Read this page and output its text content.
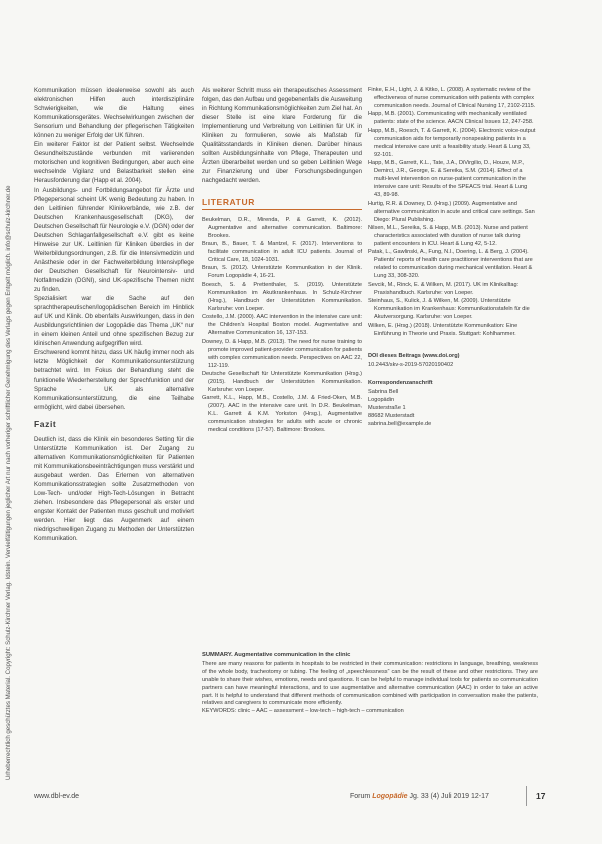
Urheberrechtlich geschütztes Material. Copyright: Schulz-Kirchner Verlag. Idstein. Vervielfältigungen jeglicher Art nur nach vorheriger schriftlicher Genehmigung des Verlags gegen Entgelt möglich. info@schulz-kirchner.de

Kommunikation müssen idealerweise sowohl als auch elektronischen Hilfen auch interdisziplinäre Schwierigkeiten, wie die Haltung eines Kommunikationsgerätes. Wechselwirkungen zwischen der Sensorium und Behandlung der pflegerischen Tätigkeiten können zu weniger Erfolg der UK führen.

Ein weiterer Faktor ist der Patient selbst. Wechselnde Gesundheitszustände verbunden mit variierenden motorischen und kognitiven Bedingungen, aber auch eine wechselnde Vigilanz und Belastbarkeit stellen eine Herausforderung dar (Happ et al. 2004).

In Ausbildungs- und Fortbildungsangebot für Ärzte und Pflegepersonal scheint UK wenig Bedeutung zu haben. In den Leitlinien führender Klinikverbände, wie z.B. der Deutschen Krankenhausgesellschaft (DKG), der Deutschen Gesellschaft für Neurologie e.V. (DGN) oder der Deutschen Schlaganfallgesellschaft e.V. gibt es keine Hinweise zur UK. Leitlinien für Kliniken überdies in der Weiterbildungsordnungen, z.B. für die Intensivmedizin und Anästhesie oder in der Fachweiterbildung Intensivpflege der Deutschen Gesellschaft für Neurointensiv- und Notfallmedizin (DGNI), sind UK-spezifische Themen nicht zu finden.

Spezialisiert war die Sache auf den sprachtherapeutischen/logopädischen Bereich im Hinblick auf UK und Klinik. Ob ebenfalls Auswirkungen, dass in den Ausbildungsrichtlinien der Logopädie das Thema „UK“ nur in einem kleinen Anteil und ohne spezifischen Bezug zur klinischen Anwendung aufgegriffen wird.

Erschwerend kommt hinzu, dass UK häufig immer noch als letzte Möglichkeit der Kommunikationsunterstützung betrachtet wird. Im Fokus der Behandlung steht die funktionelle Wiederherstellung der Sprechfunktion und der Sprache - UK als alternative Kommunikationsunterstützung, die eine Teilhabe ermöglicht, wird dabei übersehen.

Fazit

Deutlich ist, dass die Klinik ein besonderes Setting für die Unterstützte Kommunikation ist. Der Zugang zu alternativen Kommunikationsmöglichkeiten für Patienten mit Kommunikationsbeeinträchtigungen muss verstärkt und ausgebaut werden. Das Erlernen von alternativen Kommunikationsstrategien sollte Zusatzmethoden von Low-Tech- und/oder High-Tech-Lösungen in Betracht ziehen. Insbesondere das Pflegepersonal als erster und engster Kontakt der Patienten muss geschult und motiviert werden. Hier liegt das Augenmerk auf einem niedrigschwelligen Zugang zu Methoden der Unterstützten Kommunikation.

Als weiterer Schritt muss ein therapeutisches Assessment folgen, das den Aufbau und gegebenenfalls die Ausweitung in Richtung Kommunikationsmöglichkeiten zum Ziel hat. An dieser Stelle ist eine klare Forderung für die Implementierung und Verbreitung von Leitlinien für UK in Kliniken zu formulieren, sowie als Maßstab für Qualitätsstandards in Kliniken dienen. Darüber hinaus sollten Ausbildungsinhalte von Pflege, Therapeuten und Ärzten überarbeitet werden und so geben Leitlinien Wege zur Finanzierung und über Forschungsbedingungen nachgedacht werden.

LITERATUR
Beukelman, D.R., Mirenda, P. & Garrett, K. (2012). Augmentative and alternative communication. Baltimore: Brookes.
Braun, B., Bauer, T. & Mantzel, F. (2017). Interventions to facilitate communication in adult ICU patients. Journal of Critical Care, 18, 1024-1031.
Braun, S. (2012). Unterstützte Kommunikation in der Klinik. Forum Logopädie 4, 16-21.
Boesch, S. & Prettenthaler, S. (2019). Unterstützte Kommunikation im Akutkrankenhaus. In Schulz-Kirchner (Hrsg.), Handbuch der Unterstützten Kommunikation. Karlsruhe: von Loeper.
Costello, J.M. (2000). AAC intervention in the intensive care unit: the Children's Hospital Boston model. Augmentative and Alternative Communication 16, 137-153.
Downey, D. & Happ, M.B. (2013). The need for nurse training to promote improved patient-provider communication for patients with complex communication needs. Perspectives on AAC 22, 112-119.
Deutsche Gesellschaft für Unterstützte Kommunikation (Hrsg.) (2015). Handbuch der Unterstützten Kommunikation. Karlsruhe: von Loeper.
Garrett, K.L., Happ, M.B., Costello, J.M. & Fried-Oken, M.B. (2007). AAC in the intensive care unit. In D.R. Beukelman, K.L. Garrett & K.M. Yorkston (Hrsg.), Augmentative communication strategies for adults with acute or chronic medical conditions (17-57). Baltimore: Brookes.
Finke, E.H., Light, J. & Kitko, L. (2008). A systematic review of the effectiveness of nurse communication with patients with complex communication needs. Journal of Clinical Nursing 17, 2102-2115.
Happ, M.B. (2001). Communicating with mechanically ventilated patients: state of the science. AACN Clinical Issues 12, 247-258.
Happ, M.B., Roesch, T. & Garrett, K. (2004). Electronic voice-output communication aids for temporarily nonspeaking patients in a medical intensive care unit: a feasibility study. Heart & Lung 33, 92-101.
Happ, M.B., Garrett, K.L., Tate, J.A., DiVirgilio, D., Houze, M.P., Demirci, J.R., George, E. & Sereika, S.M. (2014). Effect of a multi-level intervention on nurse-patient communication in the intensive care unit: Results of the SPEACS trial. Heart & Lung 43, 89-98.
Hurtig, R.R. & Downey, D. (Hrsg.) (2009). Augmentative and alternative communication in acute and critical care settings. San Diego: Plural Publishing.
Nilsen, M.L., Sereika, S. & Happ, M.B. (2013). Nurse and patient characteristics associated with duration of nurse talk during patient encounters in ICU. Heart & Lung 42, 5-12.
Patak, L., Gawlinski, A., Fung, N.I., Doering, L. & Berg, J. (2004). Patients' reports of health care practitioner interventions that are related to communication during mechanical ventilation. Heart & Lung 33, 308-320.
Sevcik, M., Rinck, E. & Wilken, M. (2017). UK im Klinikalltag: Praxishandbuch. Karlsruhe: von Loeper.
Steinhaus, S., Kulick, J. & Wilken, M. (2009). Unterstützte Kommunikation im Krankenhaus: Kommunikationstafeln für die Akutversorgung. Karlsruhe: von Loeper.
Wilken, E. (Hrsg.) (2018). Unterstützte Kommunikation: Eine Einführung in Theorie und Praxis. Stuttgart: Kohlhammer.
DOI dieses Beitrags (www.doi.org)
10.2443/skv-s-2019-57020190402
Korrespondenzanschrift
Sabrina Bell
Logopädin
Musterstraße 1
88682 Musterstadt
sabrina.bell@example.de
SUMMARY. Augmentative communication in the clinic
There are many reasons for patients in hospitals to be restricted in their communication: restrictions in language, breathing, weakness of the whole body, tracheotomy or tubing. The feeling of „speechlessness“ can be the result of these and other restrictions. They are unable to share their wishes, emotions, needs and questions. It can be helpful to manage individual tools for patients so communication partners can have meaningful interactions, and to use augmentative and alternative communication (AAC) in order to take an active part. It is helpful to understand that different methods of communication combined with participation in conversation make the patients, relatives and caregivers to communicate more efficiently.
KEYWORDS: clinic – AAC – assessment – low-tech – high-tech – communication
www.dbl-ev.de	Forum Logopädie Jg. 33 (4) Juli 2019 12-17	17
